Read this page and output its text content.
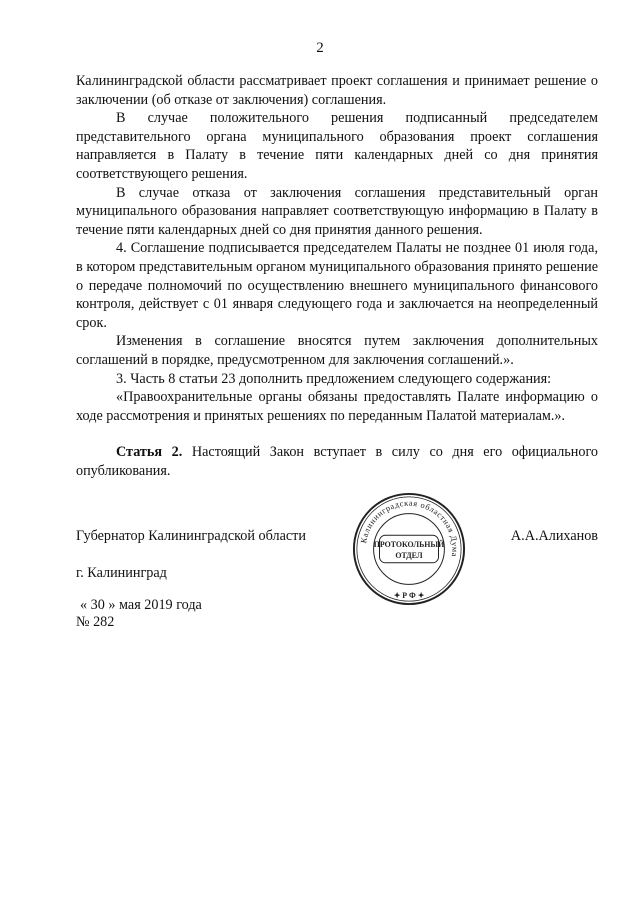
2

Калининградской области рассматривает проект соглашения и принимает решение о заключении (об отказе от заключения) соглашения.

В случае положительного решения подписанный председателем представительного органа муниципального образования проект соглашения направляется в Палату в течение пяти календарных дней со дня принятия соответствующего решения.

В случае отказа от заключения соглашения представительный орган муниципального образования направляет соответствующую информацию в Палату в течение пяти календарных дней со дня принятия данного решения.

4. Соглашение подписывается председателем Палаты не позднее 01 июля года, в котором представительным органом муниципального образования принято решение о передаче полномочий по осуществлению внешнего муниципального финансового контроля, действует с 01 января следующего года и заключается на неопределенный срок.

Изменения в соглашение вносятся путем заключения дополнительных соглашений в порядке, предусмотренном для заключения соглашений.».

3. Часть 8 статьи 23 дополнить предложением следующего содержания:

«Правоохранительные органы обязаны предоставлять Палате информацию о ходе рассмотрения и принятых решениях по переданным Палатой материалам.».

Статья 2. Настоящий Закон вступает в силу со дня его официального опубликования.

Губернатор Калининградской области	А.А.Алиханов
г. Калининград
« 30 » мая 2019 года
№ 282
Калининградская областная Дума
ПРОТОКОЛЬНЫЙ
ОТДЕЛ
✦ Р Ф ✦
